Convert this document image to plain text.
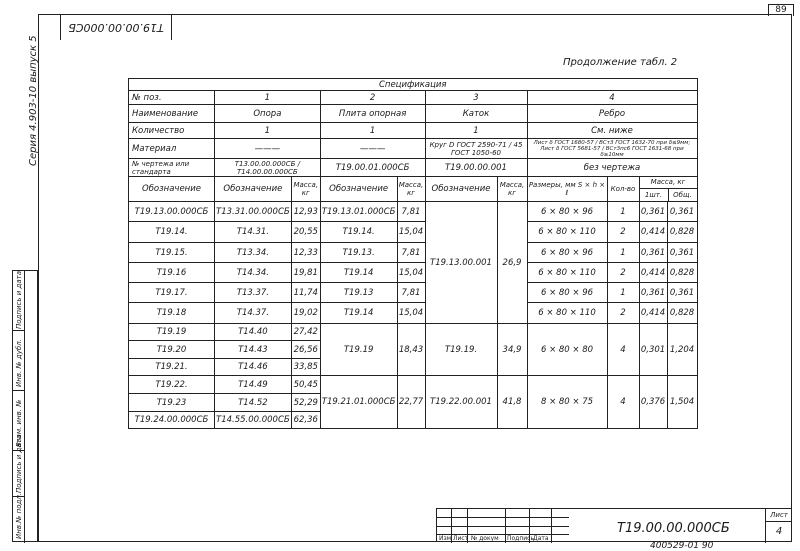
89
Т19.00.00.000СБ
Серия 4.903-10 выпуск 5
Инв.№ подл.
Подпись и дата
Взам. инв. №
Инв. № дубл.
Подпись и дата
Продолжение табл. 2
Спецификация										
№ поз.	1		2		3		4			
Наименование	Опора		Плита опорная		Каток		Ребро			
Количество	1		1		1		См. ниже			
Материал	———		———		Круг D ГОСТ 2590-71 / 45 ГОСТ 1050-60		Лист δ ГОСТ 1680-57 / ВСт3 ГОСТ 1632-70 при δ≤9мм; Лист δ ГОСТ 5681-57 / ВСт3пс6 ГОСТ 1631-68 при δ≥10мм			
№ чертежа или стандарта	Т13.00.00.000СБ / Т14.00.00.000СБ		Т19.00.01.000СБ		Т19.00.00.001		без чертежа			
Обозначение	Обозначение	Масса, кг	Обозначение	Масса, кг	Обозначение	Масса, кг	Размеры, мм S × h × ℓ	Кол-во	Масса, кг
1шт. Общ.	

Т19.13.00.000СБ	Т13.31.00.000СБ	12,93	Т19.13.01.000СБ	7,81	Т19.13.00.001	26,9	6 × 80 × 96	1	0,361	0,361
Т19.14.	Т14.31.	20,55	Т19.14.	15,04			6 × 80 × 110	2	0,414	0,828
Т19.15.	Т13.34.	12,33	Т19.13.	7,81			6 × 80 × 96	1	0,361	0,361
Т19.16	Т14.34.	19,81	Т19.14	15,04			6 × 80 × 110	2	0,414	0,828
Т19.17.	Т13.37.	11,74	Т19.13	7,81			6 × 80 × 96	1	0,361	0,361
Т19.18	Т14.37.	19,02	Т19.14	15,04			6 × 80 × 110	2	0,414	0,828
Т19.19	Т14.40	27,42	Т19.19	18,43	Т19.19.	34,9	6 × 80 × 80	4	0,301	1,204
Т19.20	Т14.43	26,56								
Т19.21.	Т14.46	33,85								
Т19.22.	Т14.49	50,45	Т19.21.01.000СБ	22,77	Т19.22.00.001	41,8	8 × 80 × 75	4	0,376	1,504
Т19.23	Т14.52	52,29								
Т19.24.00.000СБ	Т14.55.00.000СБ	62,36								
Изм Лист № докум Подпись Дата
Т19.00.00.000СБ
Лист
4
400529-01 90
